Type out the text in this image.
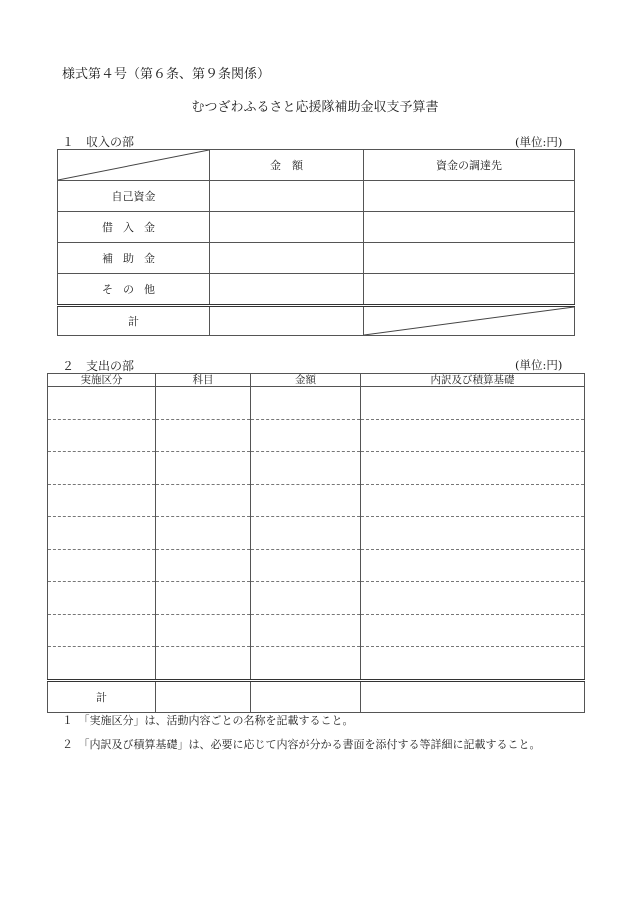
様式第４号（第６条、第９条関係）
むつざわふるさと応援隊補助金収支予算書
１　収入の部	(単位:円)
	金　額	資金の調達先
自己資金		
借入金		
補助金		
その他		
計		
２　支出の部	(単位:円)
実施区分	科目	金額	内訳及び積算基礎

計			
１　「実施区分」は、活動内容ごとの名称を記載すること。
２　「内訳及び積算基礎」は、必要に応じて内容が分かる書面を添付する等詳細に記載すること。
